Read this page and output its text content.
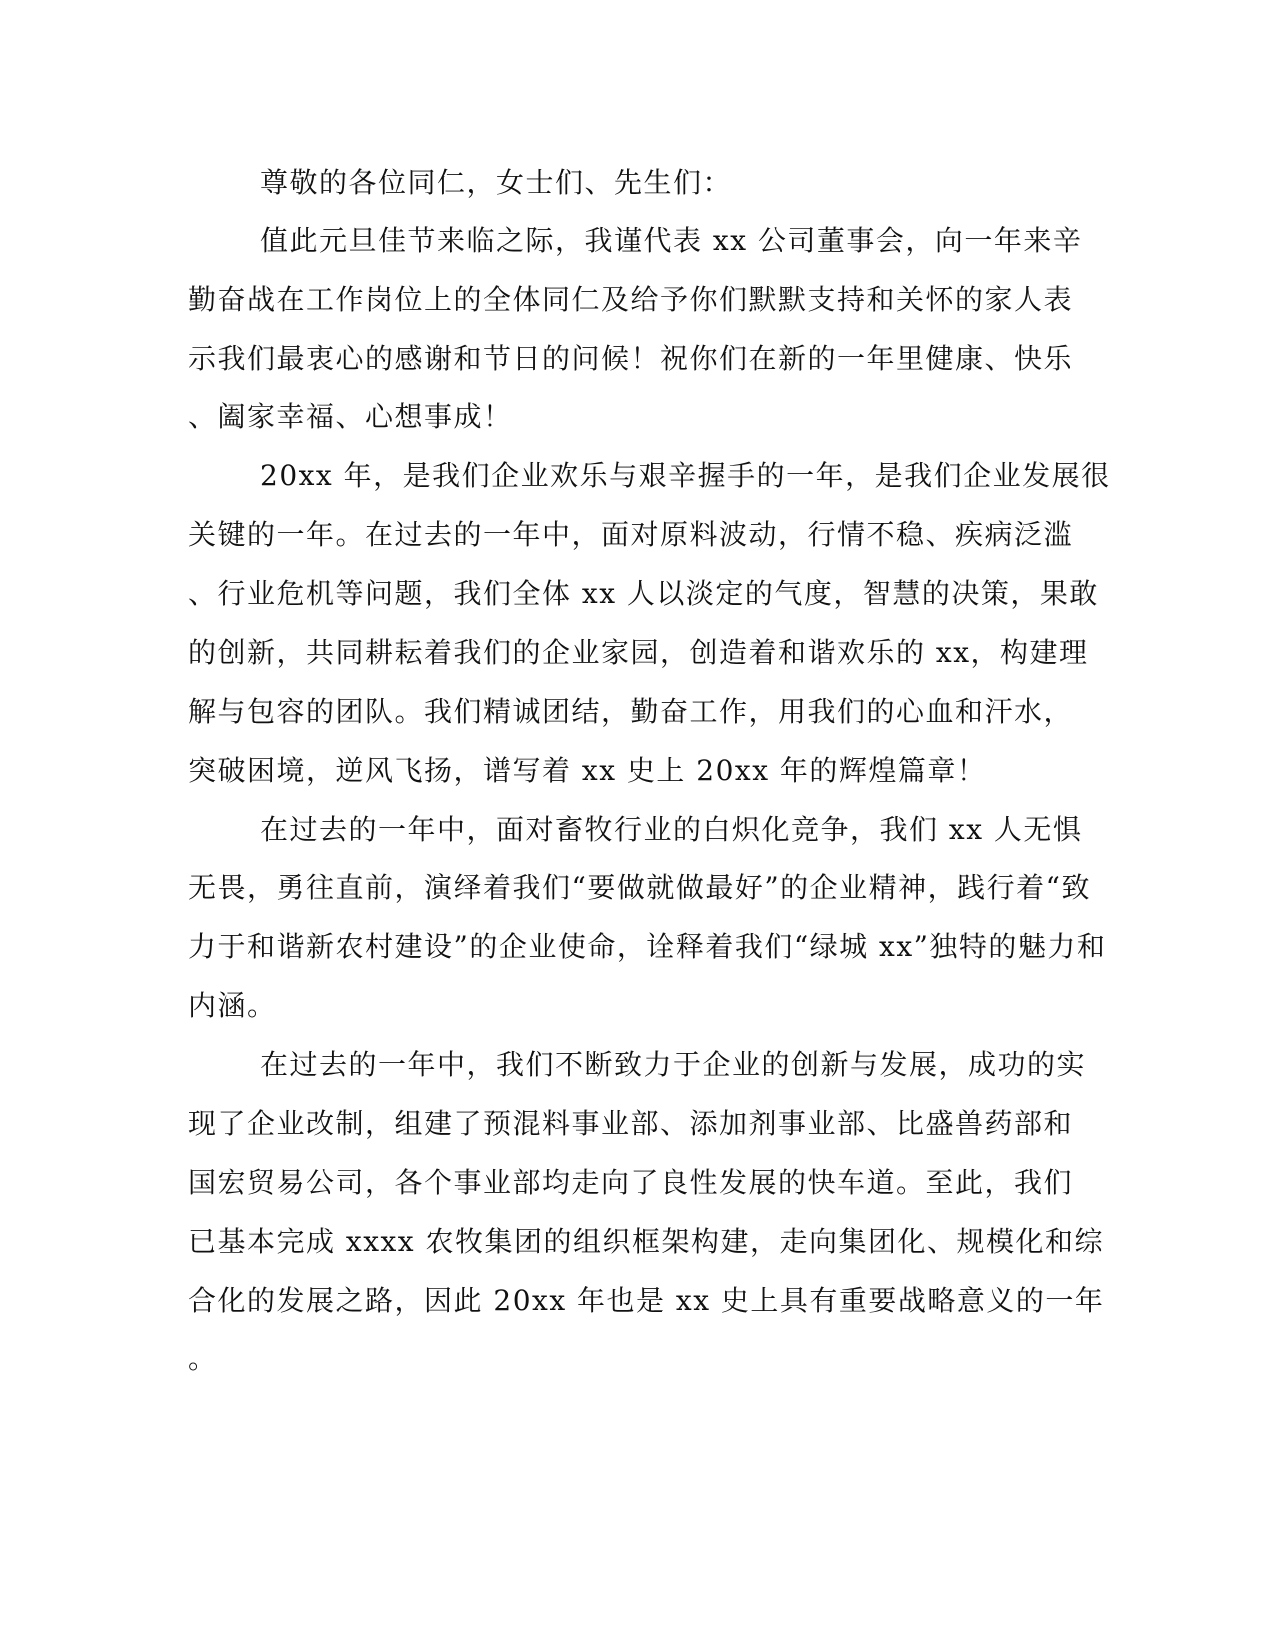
尊敬的各位同仁，女士们、先生们：
值此元旦佳节来临之际，我谨代表 xx 公司董事会，向一年来辛
勤奋战在工作岗位上的全体同仁及给予你们默默支持和关怀的家人表
示我们最衷心的感谢和节日的问候！祝你们在新的一年里健康、快乐
、阖家幸福、心想事成！
20xx 年，是我们企业欢乐与艰辛握手的一年，是我们企业发展很
关键的一年。在过去的一年中，面对原料波动，行情不稳、疾病泛滥
、行业危机等问题，我们全体 xx 人以淡定的气度，智慧的决策，果敢
的创新，共同耕耘着我们的企业家园，创造着和谐欢乐的 xx，构建理
解与包容的团队。我们精诚团结，勤奋工作，用我们的心血和汗水，
突破困境，逆风飞扬，谱写着 xx 史上 20xx 年的辉煌篇章！
在过去的一年中，面对畜牧行业的白炽化竞争，我们 xx 人无惧
无畏，勇往直前，演绎着我们“要做就做最好”的企业精神，践行着“致
力于和谐新农村建设”的企业使命，诠释着我们“绿城 xx”独特的魅力和
内涵。
在过去的一年中，我们不断致力于企业的创新与发展，成功的实
现了企业改制，组建了预混料事业部、添加剂事业部、比盛兽药部和
国宏贸易公司，各个事业部均走向了良性发展的快车道。至此，我们
已基本完成 xxxx 农牧集团的组织框架构建，走向集团化、规模化和综
合化的发展之路，因此 20xx 年也是 xx 史上具有重要战略意义的一年
。
